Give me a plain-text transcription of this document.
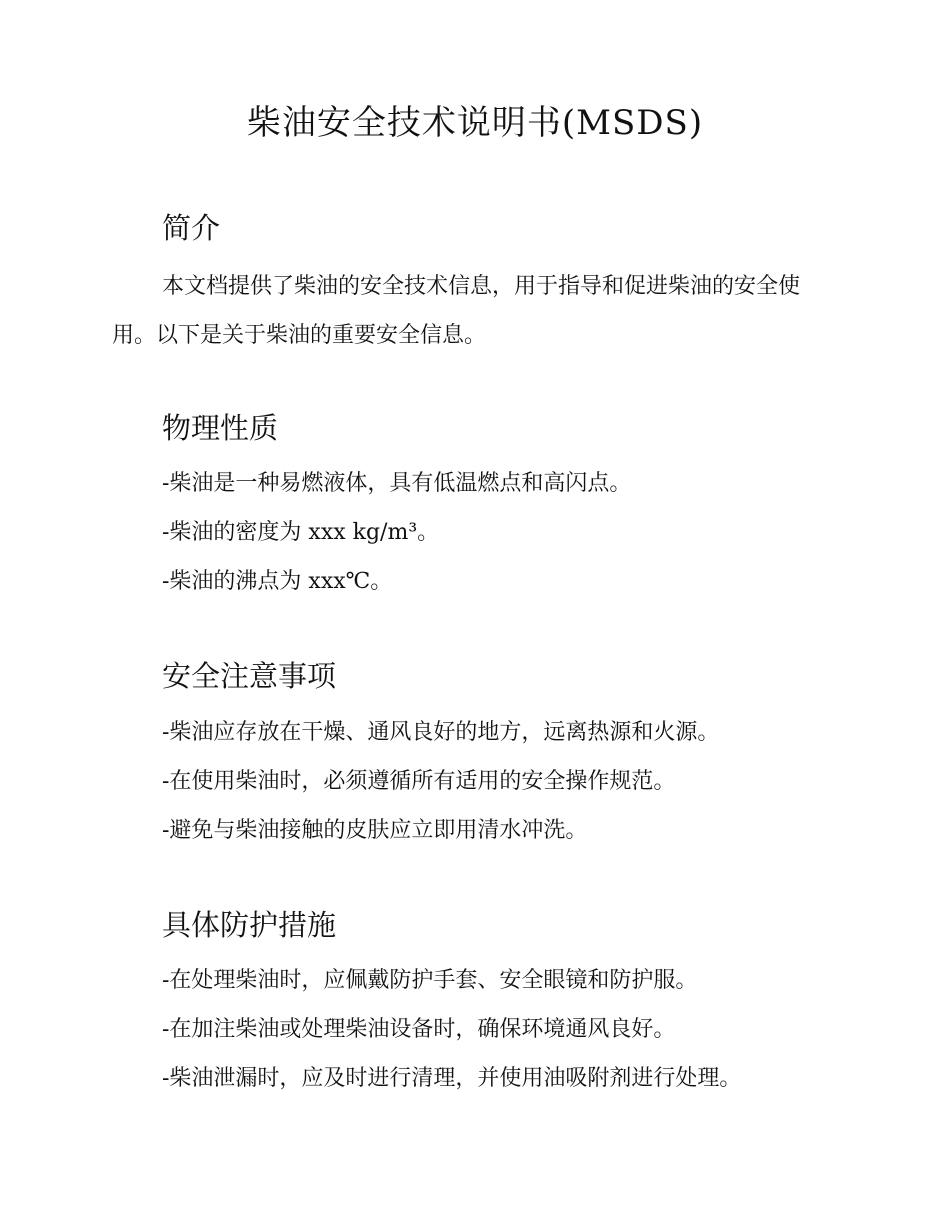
柴油安全技术说明书(MSDS)
简介

本文档提供了柴油的安全技术信息，用于指导和促进柴油的安全使用。以下是关于柴油的重要安全信息。

物理性质

-柴油是一种易燃液体，具有低温燃点和高闪点。

-柴油的密度为 xxx kg/m³。

-柴油的沸点为 xxx℃。

安全注意事项

-柴油应存放在干燥、通风良好的地方，远离热源和火源。

-在使用柴油时，必须遵循所有适用的安全操作规范。

-避免与柴油接触的皮肤应立即用清水冲洗。

具体防护措施

-在处理柴油时，应佩戴防护手套、安全眼镜和防护服。

-在加注柴油或处理柴油设备时，确保环境通风良好。

-柴油泄漏时，应及时进行清理，并使用油吸附剂进行处理。
